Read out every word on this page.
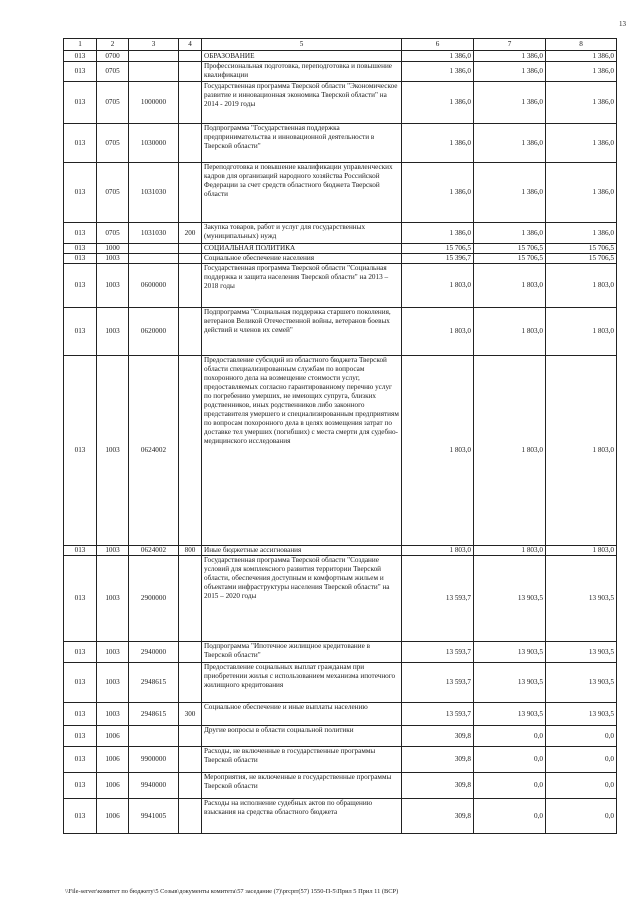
13
1	2	3	4	5	6	7	8
013	0700			ОБРАЗОВАНИЕ	1 386,0	1 386,0	1 386,0
013	0705			Профессиональная подготовка, переподготовка и повышение квалификации	1 386,0	1 386,0	1 386,0
013	0705	1000000		Государственная программа Тверской области "Экономическое развитие и инновационная экономика Тверской области" на 2014 - 2019 годы	1 386,0	1 386,0	1 386,0
013	0705	1030000		Подпрограмма "Государственная поддержка предпринимательства и инновационной деятельности в Тверской области"	1 386,0	1 386,0	1 386,0
013	0705	1031030		Переподготовка и повышение квалификации управленческих кадров для организаций народного хозяйства Российской Федерации за счет средств областного бюджета Тверской области	1 386,0	1 386,0	1 386,0
013	0705	1031030	200	Закупка товаров, работ и услуг для государственных (муниципальных) нужд	1 386,0	1 386,0	1 386,0
013	1000			СОЦИАЛЬНАЯ ПОЛИТИКА	15 706,5	15 706,5	15 706,5
013	1003			Социальное обеспечение населения	15 396,7	15 706,5	15 706,5
013	1003	0600000		Государственная программа Тверской области "Социальная поддержка и защита населения Тверской области" на 2013 – 2018 годы	1 803,0	1 803,0	1 803,0
013	1003	0620000		Подпрограмма "Социальная поддержка старшего поколения, ветеранов Великой Отечественной войны, ветеранов боевых действий и членов их семей"	1 803,0	1 803,0	1 803,0
013	1003	0624002		Предоставление субсидий из областного бюджета Тверской области специализированным службам по вопросам похоронного дела на возмещение стоимости услуг, предоставляемых согласно гарантированному перечню услуг по погребению умерших, не имеющих супруга, близких родственников, иных родственников либо законного представителя умершего и специализированным предприятиям по вопросам похоронного дела в целях возмещения затрат по доставке тел умерших (погибших) с места смерти для судебно-медицинского исследования	1 803,0	1 803,0	1 803,0
013	1003	0624002	800	Иные бюджетные ассигнования	1 803,0	1 803,0	1 803,0
013	1003	2900000		Государственная программа Тверской области "Создание условий для комплексного развития территории Тверской области, обеспечения доступным и комфортным жильем и объектами инфраструктуры населения Тверской области" на 2015 – 2020 годы	13 593,7	13 903,5	13 903,5
013	1003	2940000		Подпрограмма "Ипотечное жилищное кредитование в Тверской области"	13 593,7	13 903,5	13 903,5
013	1003	2948615		Предоставление социальных выплат гражданам при приобретении жилья с использованием механизма ипотечного жилищного кредитования	13 593,7	13 903,5	13 903,5
013	1003	2948615	300	Социальное обеспечение и иные выплаты населению	13 593,7	13 903,5	13 903,5
013	1006			Другие вопросы в области социальной политики	309,8	0,0	0,0
013	1006	9900000		Расходы, не включенные в государственные программы Тверской области	309,8	0,0	0,0
013	1006	9940000		Мероприятия, не включенные в государственные программы Тверской области	309,8	0,0	0,0
013	1006	9941005		Расходы на исполнение судебных актов по обращению взыскания на средства областного бюджета	309,8	0,0	0,0
\\File-server\комитет по бюджету\5 Созыв\документы комитета\57 заседание (7)\prcprr(57) 1550-П-5\Прил 5 Прил 11 (ВСР)
